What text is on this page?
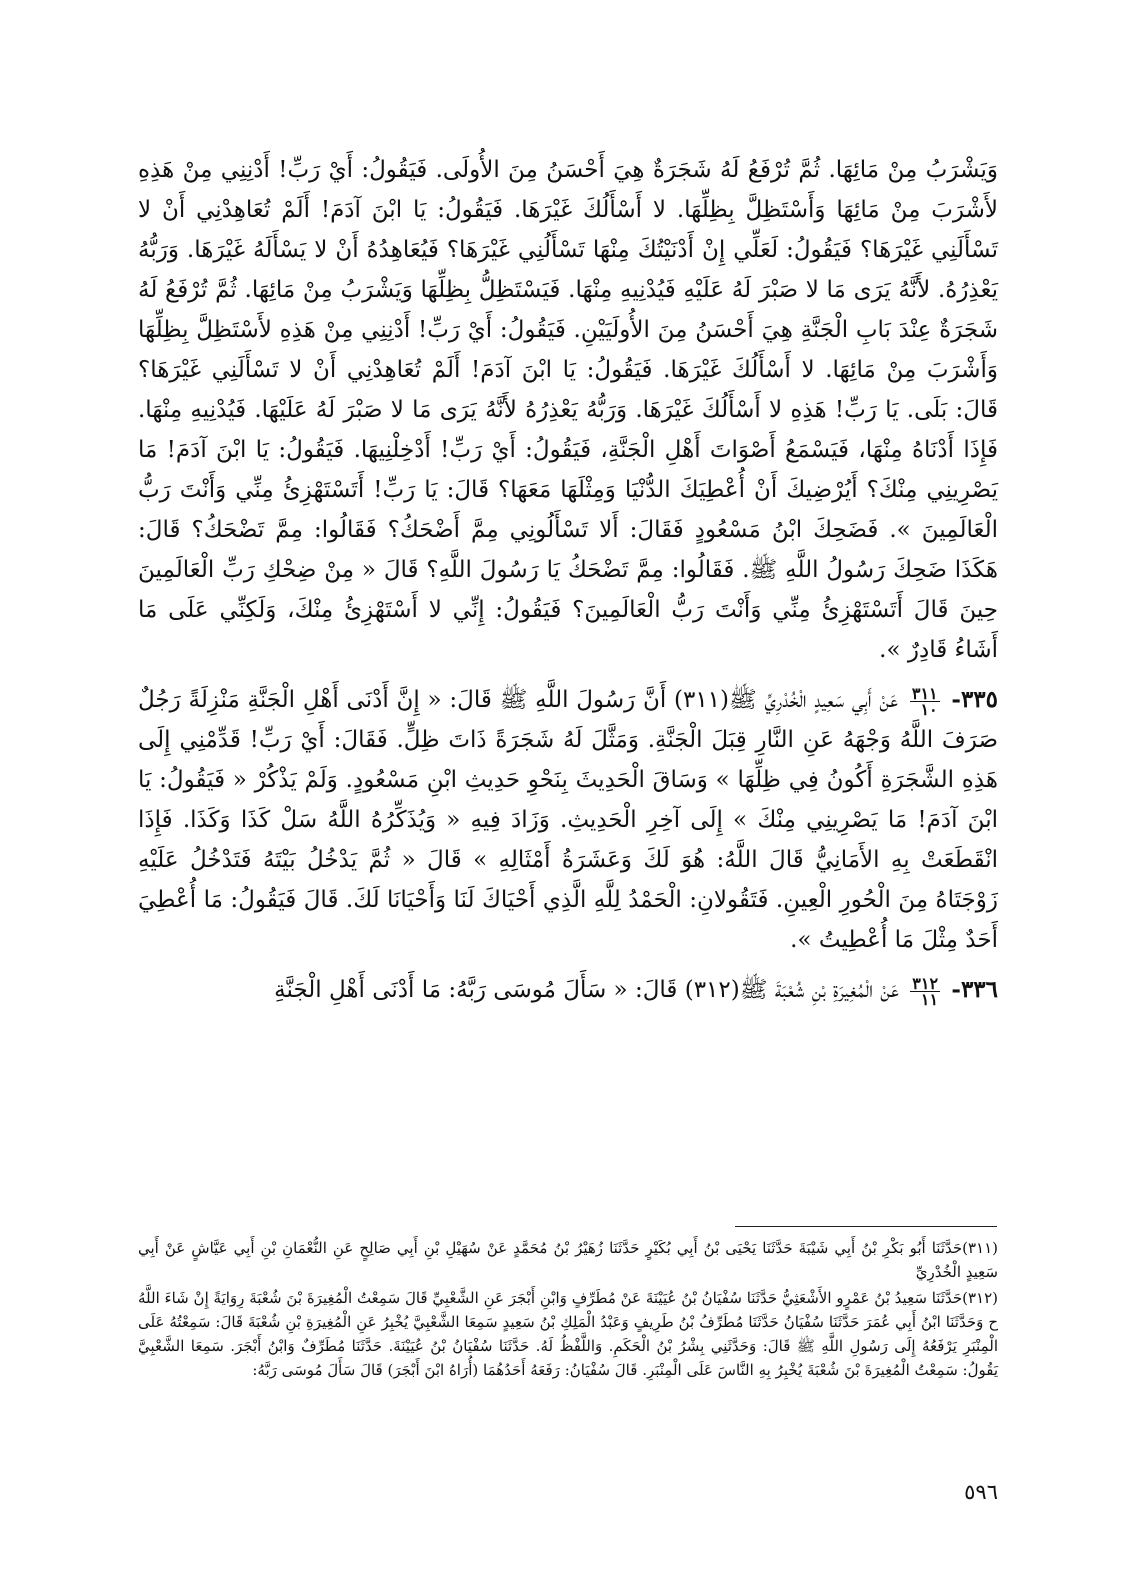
وَيَشْرَبُ مِنْ مَائِهَا. ثُمَّ تُرْفَعُ لَهُ شَجَرَةٌ هِيَ أَحْسَنُ مِنَ الأُولَى. فَيَقُولُ: أَيْ رَبِّ! أَدْنِنِي مِنْ هَذِهِ لأَشْرَبَ مِنْ مَائِهَا وَأَسْتَظِلَّ بِظِلِّهَا. لا أَسْأَلُكَ غَيْرَهَا. فَيَقُولُ: يَا ابْنَ آدَمَ! أَلَمْ تُعَاهِدْنِي أَنْ لا تَسْأَلَنِي غَيْرَهَا؟ فَيَقُولُ: لَعَلِّي إِنْ أَدْنَيْتُكَ مِنْهَا تَسْأَلُنِي غَيْرَهَا؟ فَيُعَاهِدُهُ أَنْ لا يَسْأَلَهُ غَيْرَهَا. وَرَبُّهُ يَعْذِرُهُ. لأَنَّهُ يَرَى مَا لا صَبْرَ لَهُ عَلَيْهِ فَيُدْنِيهِ مِنْهَا. فَيَسْتَظِلُّ بِظِلِّهَا وَيَشْرَبُ مِنْ مَائِهَا. ثُمَّ تُرْفَعُ لَهُ شَجَرَةٌ عِنْدَ بَابِ الْجَنَّةِ هِيَ أَحْسَنُ مِنَ الأُولَيَيْنِ. فَيَقُولُ: أَيْ رَبِّ! أَدْنِنِي مِنْ هَذِهِ لأَسْتَظِلَّ بِظِلِّهَا وَأَشْرَبَ مِنْ مَائِهَا. لا أَسْأَلُكَ غَيْرَهَا. فَيَقُولُ: يَا ابْنَ آدَمَ! أَلَمْ تُعَاهِدْنِي أَنْ لا تَسْأَلَنِي غَيْرَهَا؟ قَالَ: بَلَى. يَا رَبِّ! هَذِهِ لا أَسْأَلُكَ غَيْرَهَا. وَرَبُّهُ يَعْذِرُهُ لأَنَّهُ يَرَى مَا لا صَبْرَ لَهُ عَلَيْهَا. فَيُدْنِيهِ مِنْهَا. فَإِذَا أَدْنَاهُ مِنْهَا، فَيَسْمَعُ أَصْوَاتَ أَهْلِ الْجَنَّةِ، فَيَقُولُ: أَيْ رَبِّ! أَدْخِلْنِيهَا. فَيَقُولُ: يَا ابْنَ آدَمَ! مَا يَصْرِينِي مِنْكَ؟ أَيُرْضِيكَ أَنْ أُعْطِيَكَ الدُّنْيَا وَمِثْلَهَا مَعَهَا؟ قَالَ: يَا رَبِّ! أَتَسْتَهْزِئُ مِنِّي وَأَنْتَ رَبُّ الْعَالَمِينَ ». فَضَحِكَ ابْنُ مَسْعُودٍ فَقَالَ: أَلا تَسْأَلُونِي مِمَّ أَضْحَكُ؟ فَقَالُوا: مِمَّ تَضْحَكُ؟ قَالَ: هَكَذَا ضَحِكَ رَسُولُ اللَّهِ ﷺ. فَقَالُوا: مِمَّ تَضْحَكُ يَا رَسُولَ اللَّهِ؟ قَالَ « مِنْ ضِحْكِ رَبِّ الْعَالَمِينَ حِينَ قَالَ أَتَسْتَهْزِئُ مِنِّي وَأَنْتَ رَبُّ الْعَالَمِينَ؟ فَيَقُولُ: إِنِّي لا أَسْتَهْزِئُ مِنْكَ، وَلَكِنِّي عَلَى مَا أَشَاءُ قَادِرٌ ».

٣٣٥-
$\frac{٣١١}{١٠}$
عَنْ أَبِي سَعِيدٍ الْخُدْرِيِّ ﷺ(٣١١) أَنَّ رَسُولَ اللَّهِ ﷺ قَالَ: « إِنَّ أَدْنَى أَهْلِ الْجَنَّةِ مَنْزِلَةً رَجُلٌ صَرَفَ اللَّهُ وَجْهَهُ عَنِ النَّارِ قِبَلَ الْجَنَّةِ. وَمَثَّلَ لَهُ شَجَرَةً ذَاتَ ظِلٍّ. فَقَالَ: أَيْ رَبِّ! قَدِّمْنِي إِلَى هَذِهِ الشَّجَرَةِ أَكُونُ فِي ظِلِّهَا » وَسَاقَ الْحَدِيثَ بِنَحْوِ حَدِيثِ ابْنِ مَسْعُودٍ. وَلَمْ يَذْكُرْ « فَيَقُولُ: يَا ابْنَ آدَمَ! مَا يَصْرِينِي مِنْكَ » إِلَى آخِرِ الْحَدِيثِ. وَزَادَ فِيهِ « وَيُذَكِّرُهُ اللَّهُ سَلْ كَذَا وَكَذَا. فَإِذَا انْقَطَعَتْ بِهِ الأَمَانِيُّ قَالَ اللَّهُ: هُوَ لَكَ وَعَشَرَةُ أَمْثَالِهِ » قَالَ « ثُمَّ يَدْخُلُ بَيْتَهُ فَتَدْخُلُ عَلَيْهِ زَوْجَتَاهُ مِنَ الْحُورِ الْعِينِ. فَتَقُولانِ: الْحَمْدُ لِلَّهِ الَّذِي أَحْيَاكَ لَنَا وَأَحْيَانَا لَكَ. قَالَ فَيَقُولُ: مَا أُعْطِيَ أَحَدٌ مِثْلَ مَا أُعْطِيتُ ».

٣٣٦-
$\frac{٣١٢}{١١}$
عَنْ الْمُغِيرَةِ بْنِ شُعْبَةَ ﷺ(٣١٢) قَالَ: « سَأَلَ مُوسَى رَبَّهُ: مَا أَدْنَى أَهْلِ الْجَنَّةِ

(٣١١)حَدَّثَنَا أَبُو بَكْرِ بْنُ أَبِي شَيْبَةَ حَدَّثَنَا يَحْيَى بْنُ أَبِي بُكَيْرٍ حَدَّثَنَا زُهَيْرُ بْنُ مُحَمَّدٍ عَنْ سُهَيْلِ بْنِ أَبِي صَالِحٍ عَنِ النُّعْمَانِ بْنِ أَبِي عَيَّاشٍ عَنْ أَبِي سَعِيدٍ الْخُدْرِيِّ

(٣١٢)حَدَّثَنَا سَعِيدُ بْنُ عَمْرٍو الأَشْعَثِيُّ حَدَّثَنَا سُفْيَانُ بْنُ عُيَيْنَةَ عَنْ مُطَرِّفٍ وَابْنِ أَبْجَرَ عَنِ الشَّعْبِيِّ قَالَ سَمِعْتُ الْمُغِيرَةَ بْنَ شُعْبَةَ رِوَايَةً إِنْ شَاءَ اللَّهُ ح وَحَدَّثَنَا ابْنُ أَبِي عُمَرَ حَدَّثَنَا سُفْيَانُ حَدَّثَنَا مُطَرِّفُ بْنُ طَرِيفٍ وَعَبْدُ الْمَلِكِ بْنُ سَعِيدٍ سَمِعَا الشَّعْبِيَّ يُخْبِرُ عَنِ الْمُغِيرَةِ بْنِ شُعْبَةَ قَالَ: سَمِعْتُهُ عَلَى الْمِنْبَرِ يَرْفَعُهُ إِلَى رَسُولِ اللَّهِ ﷺ قَالَ: وَحَدَّثَنِي بِشْرُ بْنُ الْحَكَمِ. وَاللَّفْظُ لَهُ. حَدَّثَنَا سُفْيَانُ بْنُ عُيَيْنَةَ. حَدَّثَنَا مُطَرِّفٌ وَابْنُ أَبْجَرَ. سَمِعَا الشَّعْبِيَّ يَقُولُ: سَمِعْتُ الْمُغِيرَةَ بْنَ شُعْبَةَ يُخْبِرُ بِهِ النَّاسَ عَلَى الْمِنْبَرِ. قَالَ سُفْيَانُ: رَفَعَهُ أَحَدُهُمَا (أُرَاهُ ابْنَ أَبْجَرَ) قَالَ سَأَلَ مُوسَى رَبَّهُ:

٥٩٦
